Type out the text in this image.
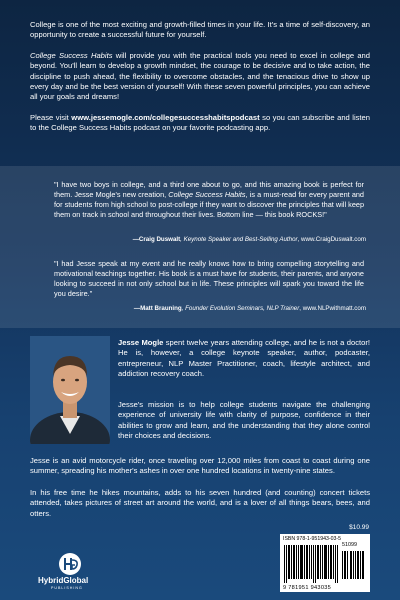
College is one of the most exciting and growth-filled times in your life. It's a time of self-discovery, an opportunity to create a successful future for yourself.

College Success Habits will provide you with the practical tools you need to excel in college and beyond. You'll learn to develop a growth mindset, the courage to be decisive and to take action, the discipline to push ahead, the flexibility to overcome obstacles, and the tenacious drive to show up every day and be the best version of yourself! With these seven powerful principles, you can achieve all your goals and dreams!

Please visit www.jessemogle.com/collegesuccesshabitspodcast so you can subscribe and listen to the College Success Habits podcast on your favorite podcasting app.

"I have two boys in college, and a third one about to go, and this amazing book is perfect for them. Jesse Mogle's new creation, College Success Habits, is a must-read for every parent and for students from high school to post-college if they want to discover the principles that will keep them on track in school and throughout their lives. Bottom line — this book ROCKS!"
—Craig Duswalt, Keynote Speaker and Best-Selling Author, www.CraigDuswalt.com
"I had Jesse speak at my event and he really knows how to bring compelling storytelling and motivational teachings together. His book is a must have for students, their parents, and anyone looking to succeed in not only school but in life. These principles will spark you toward the life you desire."
—Matt Brauning, Founder Evolution Seminars, NLP Trainer, www.NLPwithmatt.com
Jesse Mogle spent twelve years attending college, and he is not a doctor! He is, however, a college keynote speaker, author, podcaster, entrepreneur, NLP Master Practitioner, coach, lifestyle architect, and addiction recovery coach.
Jesse's mission is to help college students navigate the challenging experience of university life with clarity of purpose, confidence in their abilities to grow and learn, and the understanding that they alone control their choices and decisions.
Jesse is an avid motorcycle rider, once traveling over 12,000 miles from coast to coast during one summer, spreading his mother's ashes in over one hundred locations in twenty-nine states.
In his free time he hikes mountains, adds to his seven hundred (and counting) concert tickets attended, takes pictures of street art around the world, and is a lover of all things bears, bees, and otters.
$10.99
ISBN 978-1-951943-03-5
51099
9 781951 943035
HybridGlobal
PUBLISHING
